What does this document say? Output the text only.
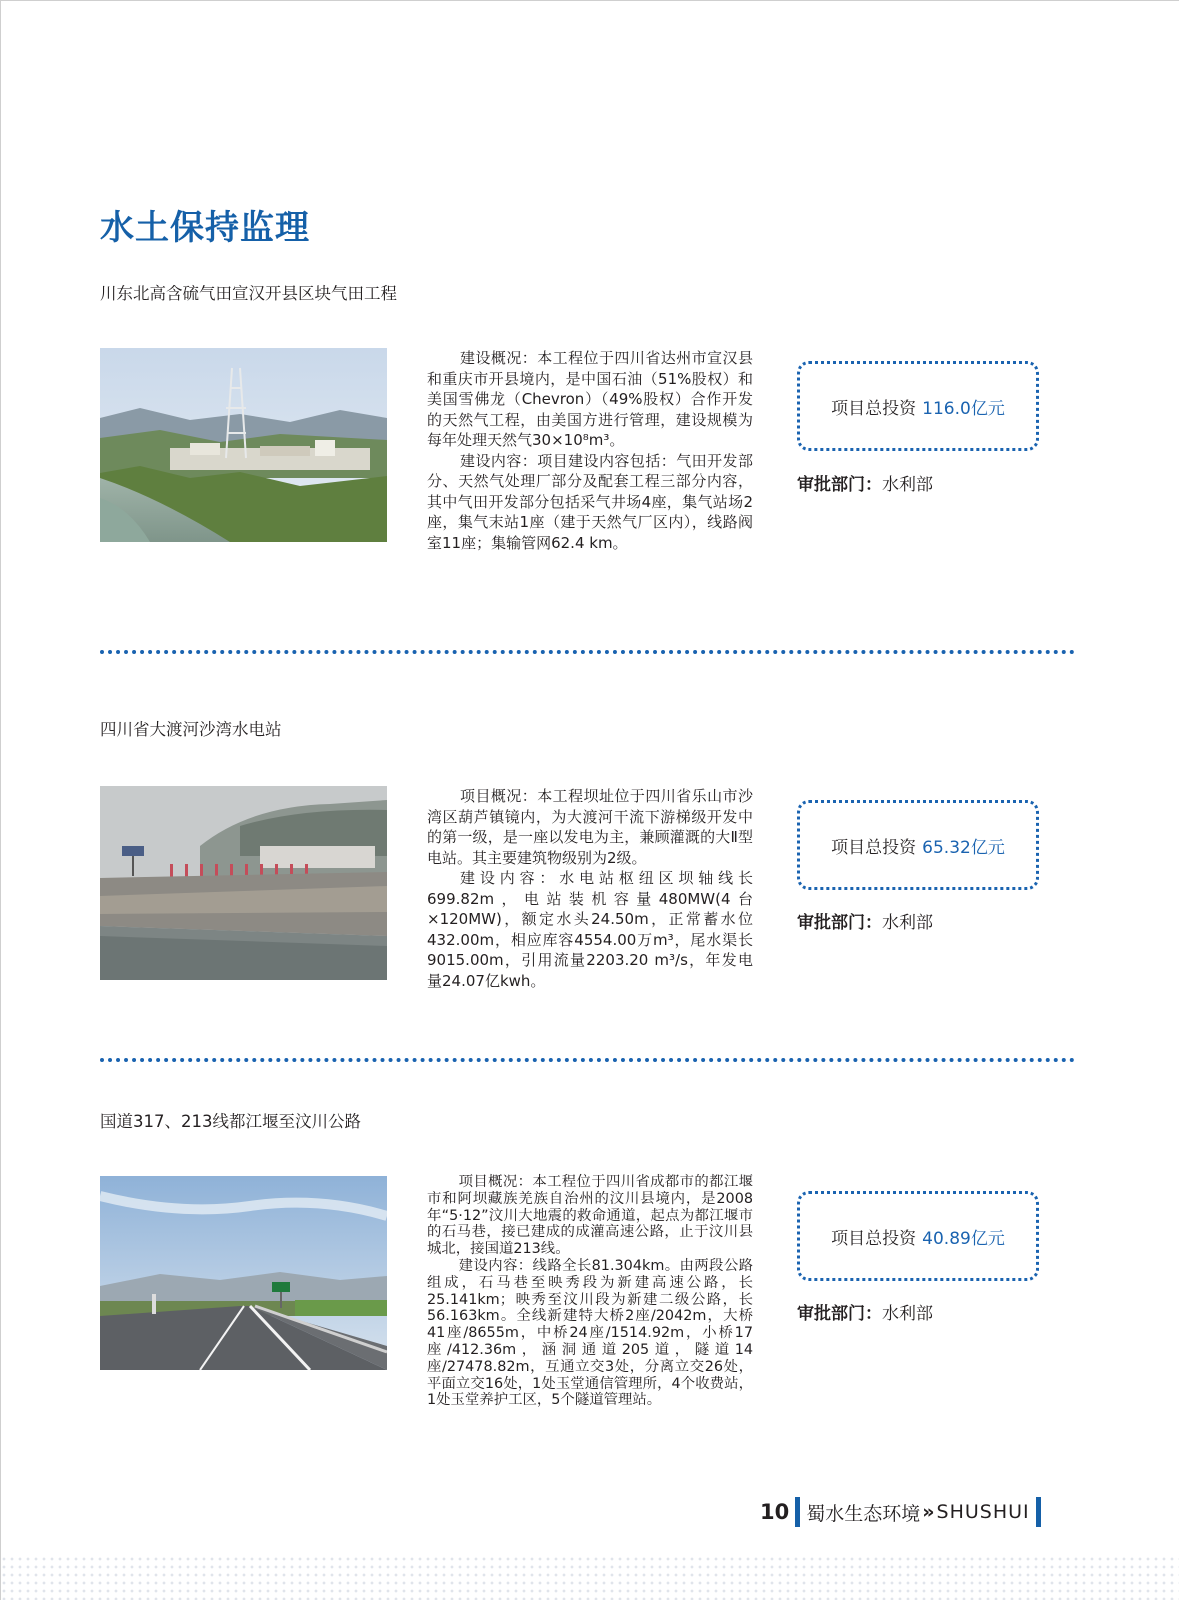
水土保持监理
川东北高含硫气田宣汉开县区块气田工程

建设概况：本工程位于四川省达州市宣汉县和重庆市开县境内，是中国石油（51%股权）和美国雪佛龙（Chevron）（49%股权）合作开发的天然气工程，由美国方进行管理，建设规模为每年处理天然气30×10⁸m³。

建设内容：项目建设内容包括：气田开发部分、天然气处理厂部分及配套工程三部分内容，其中气田开发部分包括采气井场4座，集气站场2座，集气末站1座（建于天然气厂区内），线路阀室11座；集输管网62.4 km。

项目总投资 116.0亿元
审批部门：水利部
四川省大渡河沙湾水电站

项目概况：本工程坝址位于四川省乐山市沙湾区葫芦镇镜内，为大渡河干流下游梯级开发中的第一级，是一座以发电为主，兼顾灌溉的大Ⅱ型电站。其主要建筑物级别为2级。

建设内容：水电站枢纽区坝轴线长699.82m，电站装机容量480MW(4台×120MW)，额定水头24.50m，正常蓄水位432.00m，相应库容4554.00万m³，尾水渠长9015.00m，引用流量2203.20 m³/s，年发电量24.07亿kwh。

项目总投资 65.32亿元
审批部门：水利部
国道317、213线都江堰至汶川公路

项目概况：本工程位于四川省成都市的都江堰市和阿坝藏族羌族自治州的汶川县境内，是2008年“5·12”汶川大地震的救命通道，起点为都江堰市的石马巷，接已建成的成灌高速公路，止于汶川县城北，接国道213线。

建设内容：线路全长81.304km。由两段公路组成，石马巷至映秀段为新建高速公路，长25.141km；映秀至汶川段为新建二级公路，长56.163km。全线新建特大桥2座/2042m，大桥41座/8655m，中桥24座/1514.92m，小桥17座/412.36m，涵洞通道205道，隧道14座/27478.82m，互通立交3处，分离立交26处，平面立交16处，1处玉堂通信管理所，4个收费站，1处玉堂养护工区，5个隧道管理站。

项目总投资 40.89亿元
审批部门：水利部
10 蜀水生态环境 » SHUSHUI
